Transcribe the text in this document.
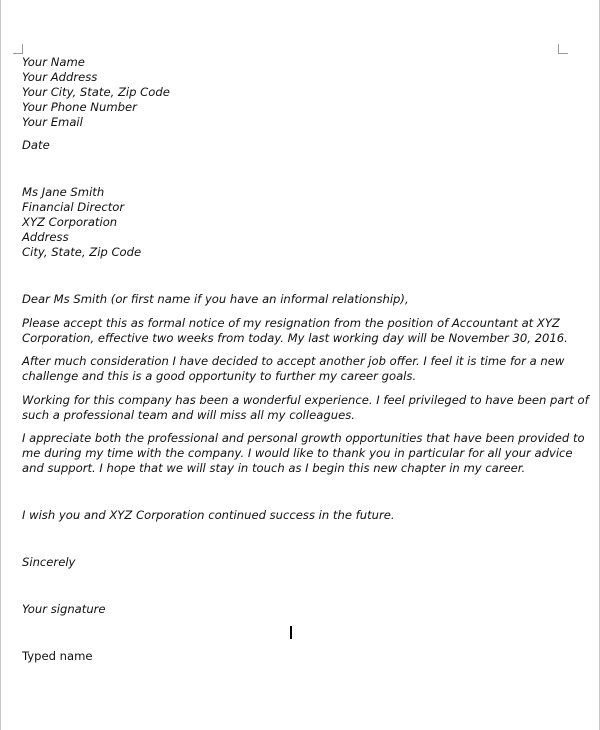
Your Name

Your Address

Your City, State, Zip Code

Your Phone Number

Your Email

Date

Ms Jane Smith

Financial Director

XYZ Corporation

Address

City, State, Zip Code

Dear Ms Smith (or first name if you have an informal relationship),

Please accept this as formal notice of my resignation from the position of Accountant at XYZ
Corporation, effective two weeks from today. My last working day will be November 30, 2016.

After much consideration I have decided to accept another job offer. I feel it is time for a new
challenge and this is a good opportunity to further my career goals.

Working for this company has been a wonderful experience. I feel privileged to have been part of
such a professional team and will miss all my colleagues.

I appreciate both the professional and personal growth opportunities that have been provided to
me during my time with the company. I would like to thank you in particular for all your advice
and support. I hope that we will stay in touch as I begin this new chapter in my career.

I wish you and XYZ Corporation continued success in the future.

Sincerely

Your signature

Typed name
